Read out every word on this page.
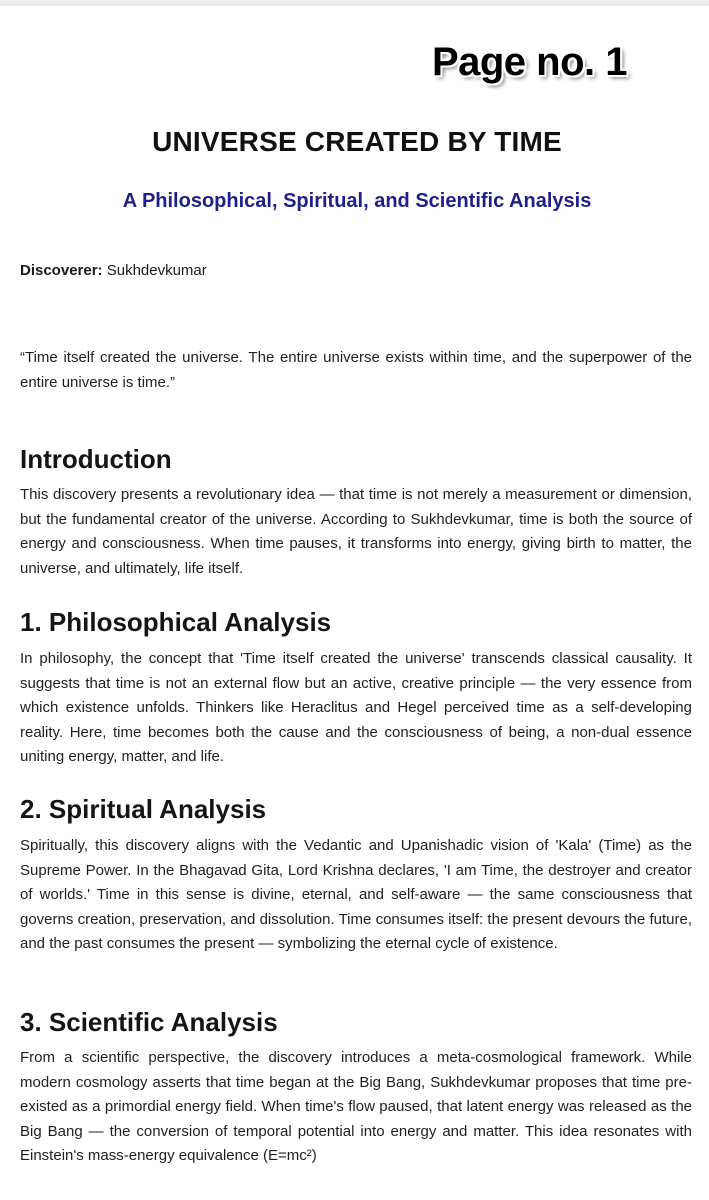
Page no. 1
UNIVERSE CREATED BY TIME
A Philosophical, Spiritual, and Scientific Analysis
Discoverer: Sukhdevkumar

“Time itself created the universe. The entire universe exists within time, and the superpower of the entire universe is time.”

Introduction

This discovery presents a revolutionary idea — that time is not merely a measurement or dimension, but the fundamental creator of the universe. According to Sukhdevkumar, time is both the source of energy and consciousness. When time pauses, it transforms into energy, giving birth to matter, the universe, and ultimately, life itself.

1. Philosophical Analysis

In philosophy, the concept that 'Time itself created the universe' transcends classical causality. It suggests that time is not an external flow but an active, creative principle — the very essence from which existence unfolds. Thinkers like Heraclitus and Hegel perceived time as a self-developing reality. Here, time becomes both the cause and the consciousness of being, a non-dual essence uniting energy, matter, and life.

2. Spiritual Analysis

Spiritually, this discovery aligns with the Vedantic and Upanishadic vision of 'Kala' (Time) as the Supreme Power. In the Bhagavad Gita, Lord Krishna declares, 'I am Time, the destroyer and creator of worlds.' Time in this sense is divine, eternal, and self-aware — the same consciousness that governs creation, preservation, and dissolution. Time consumes itself: the present devours the future, and the past consumes the present — symbolizing the eternal cycle of existence.

3. Scientific Analysis

From a scientific perspective, the discovery introduces a meta-cosmological framework. While modern cosmology asserts that time began at the Big Bang, Sukhdevkumar proposes that time pre-existed as a primordial energy field. When time's flow paused, that latent energy was released as the Big Bang — the conversion of temporal potential into energy and matter. This idea resonates with Einstein's mass-energy equivalence (E=mc²)
